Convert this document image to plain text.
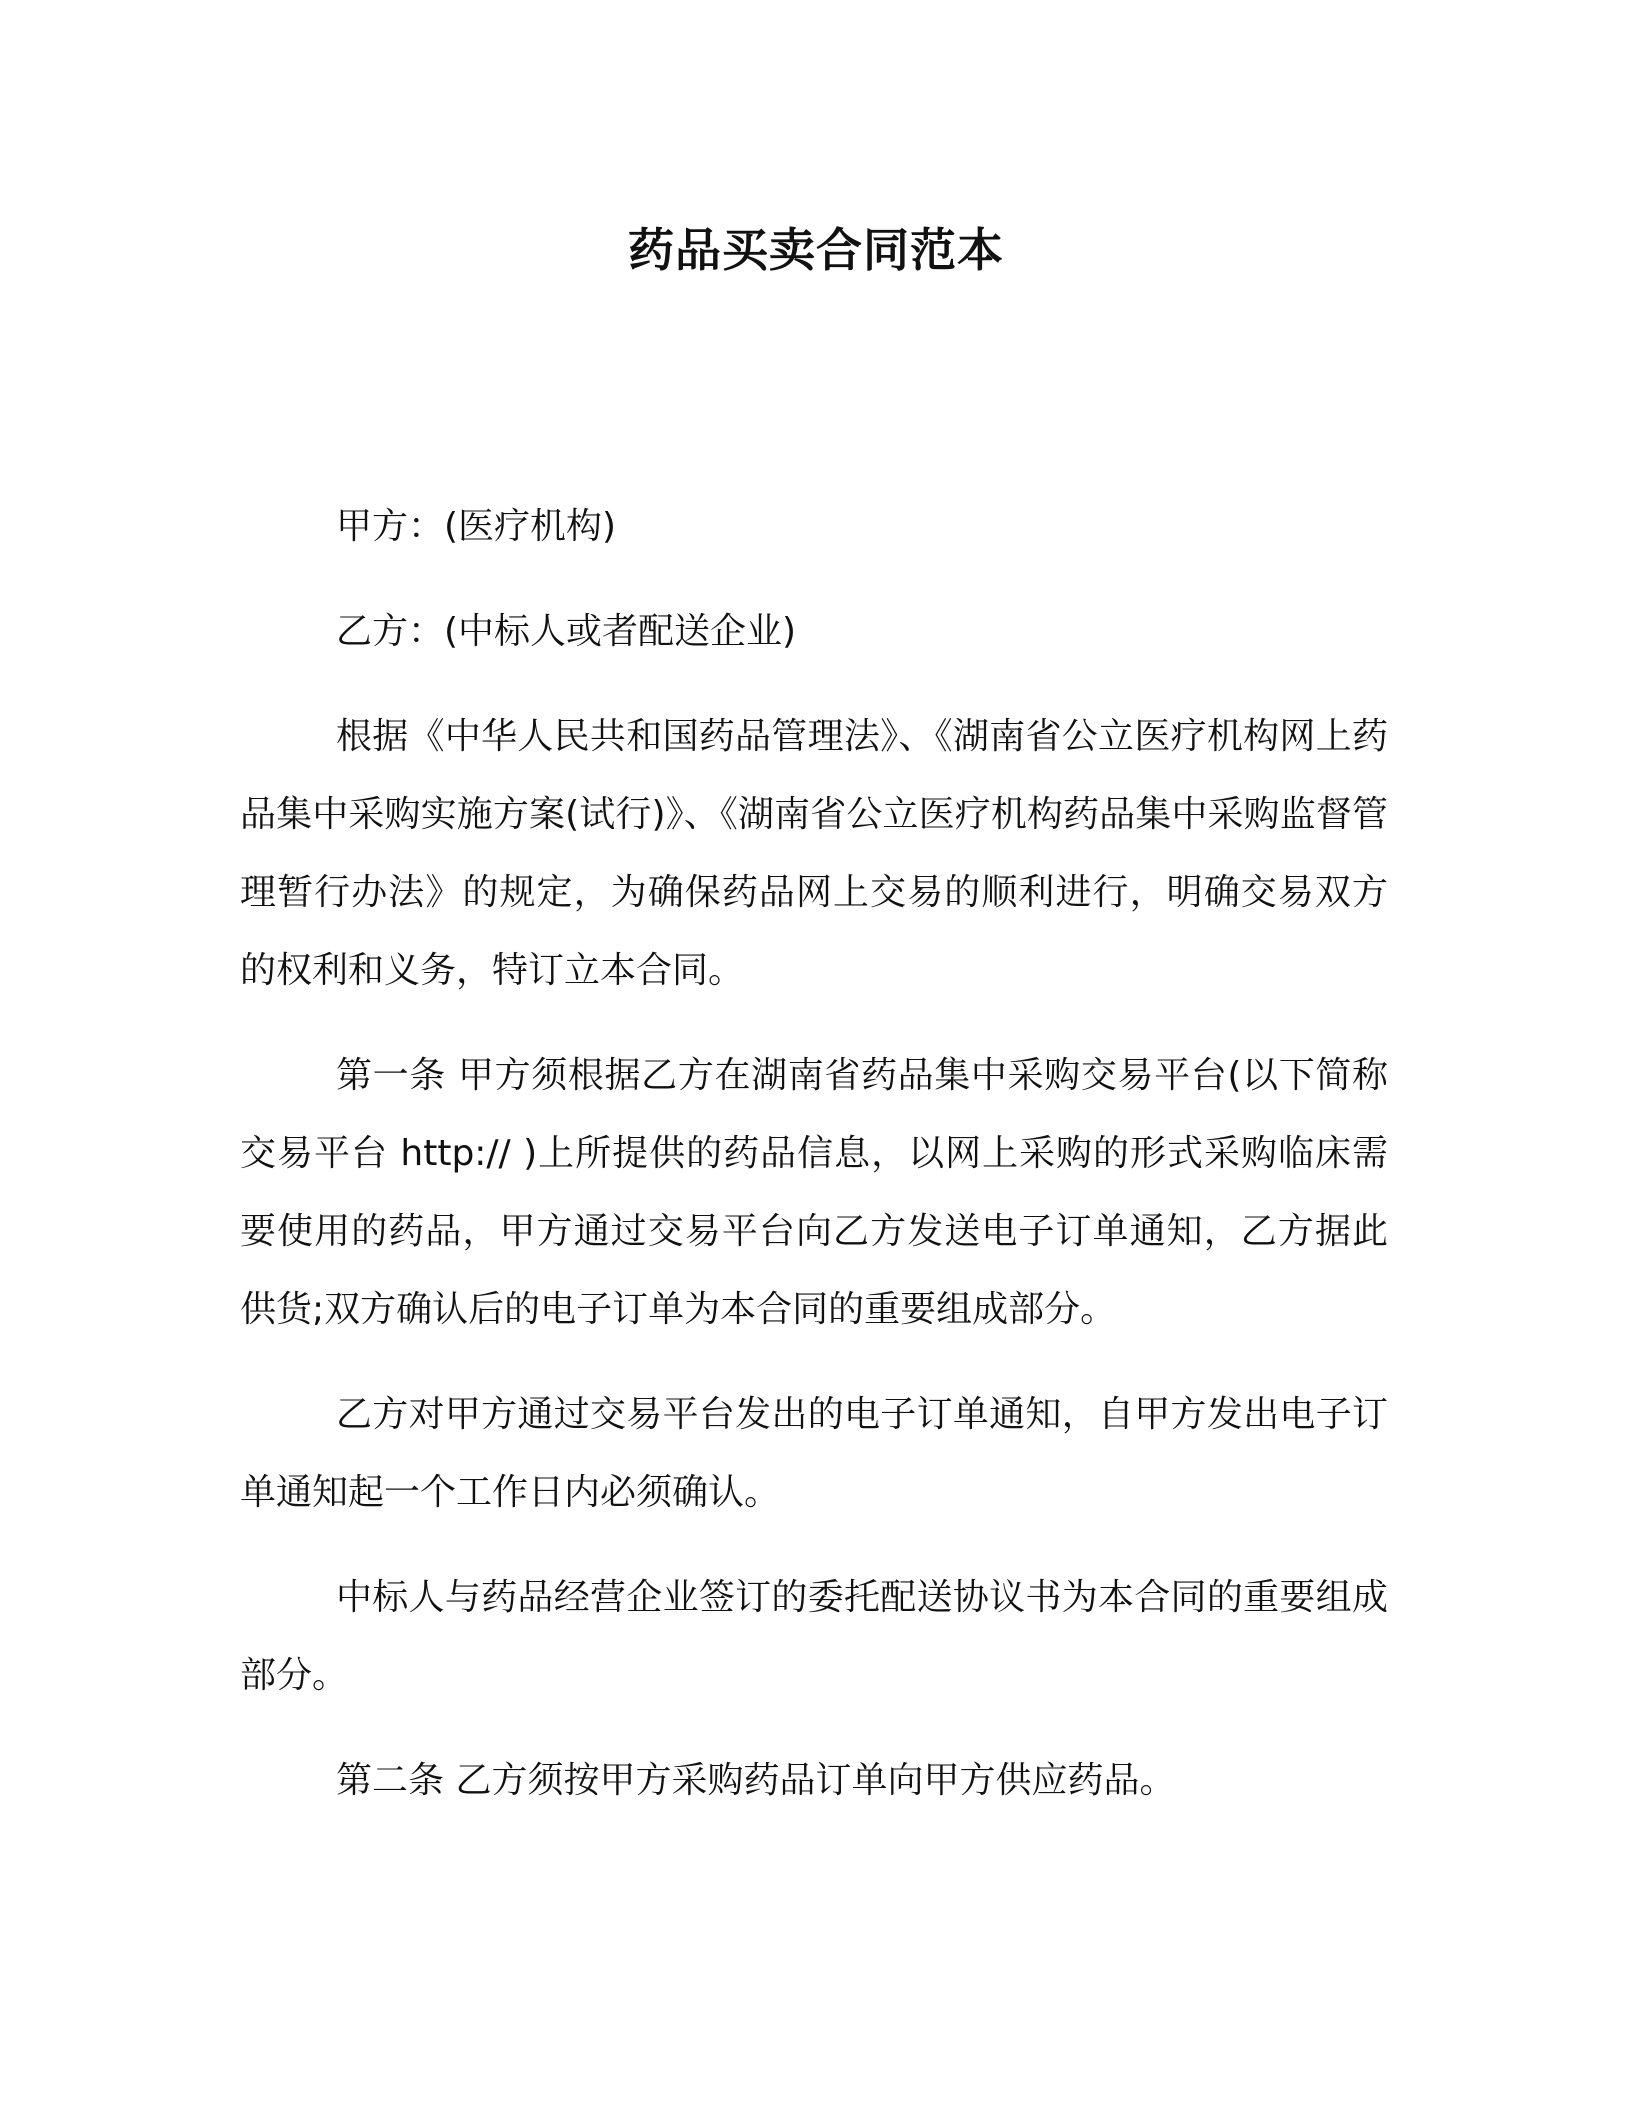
药品买卖合同范本

甲方：(医疗机构)

乙方：(中标人或者配送企业)

根据《中华人民共和国药品管理法》、《湖南省公立医疗机构网上药品集中采购实施方案(试行)》、《湖南省公立医疗机构药品集中采购监督管理暂行办法》的规定，为确保药品网上交易的顺利进行，明确交易双方的权利和义务，特订立本合同。

第一条 甲方须根据乙方在湖南省药品集中采购交易平台(以下简称交易平台 http:// )上所提供的药品信息，以网上采购的形式采购临床需要使用的药品，甲方通过交易平台向乙方发送电子订单通知，乙方据此供货;双方确认后的电子订单为本合同的重要组成部分。

乙方对甲方通过交易平台发出的电子订单通知，自甲方发出电子订单通知起一个工作日内必须确认。

中标人与药品经营企业签订的委托配送协议书为本合同的重要组成部分。

第二条 乙方须按甲方采购药品订单向甲方供应药品。
